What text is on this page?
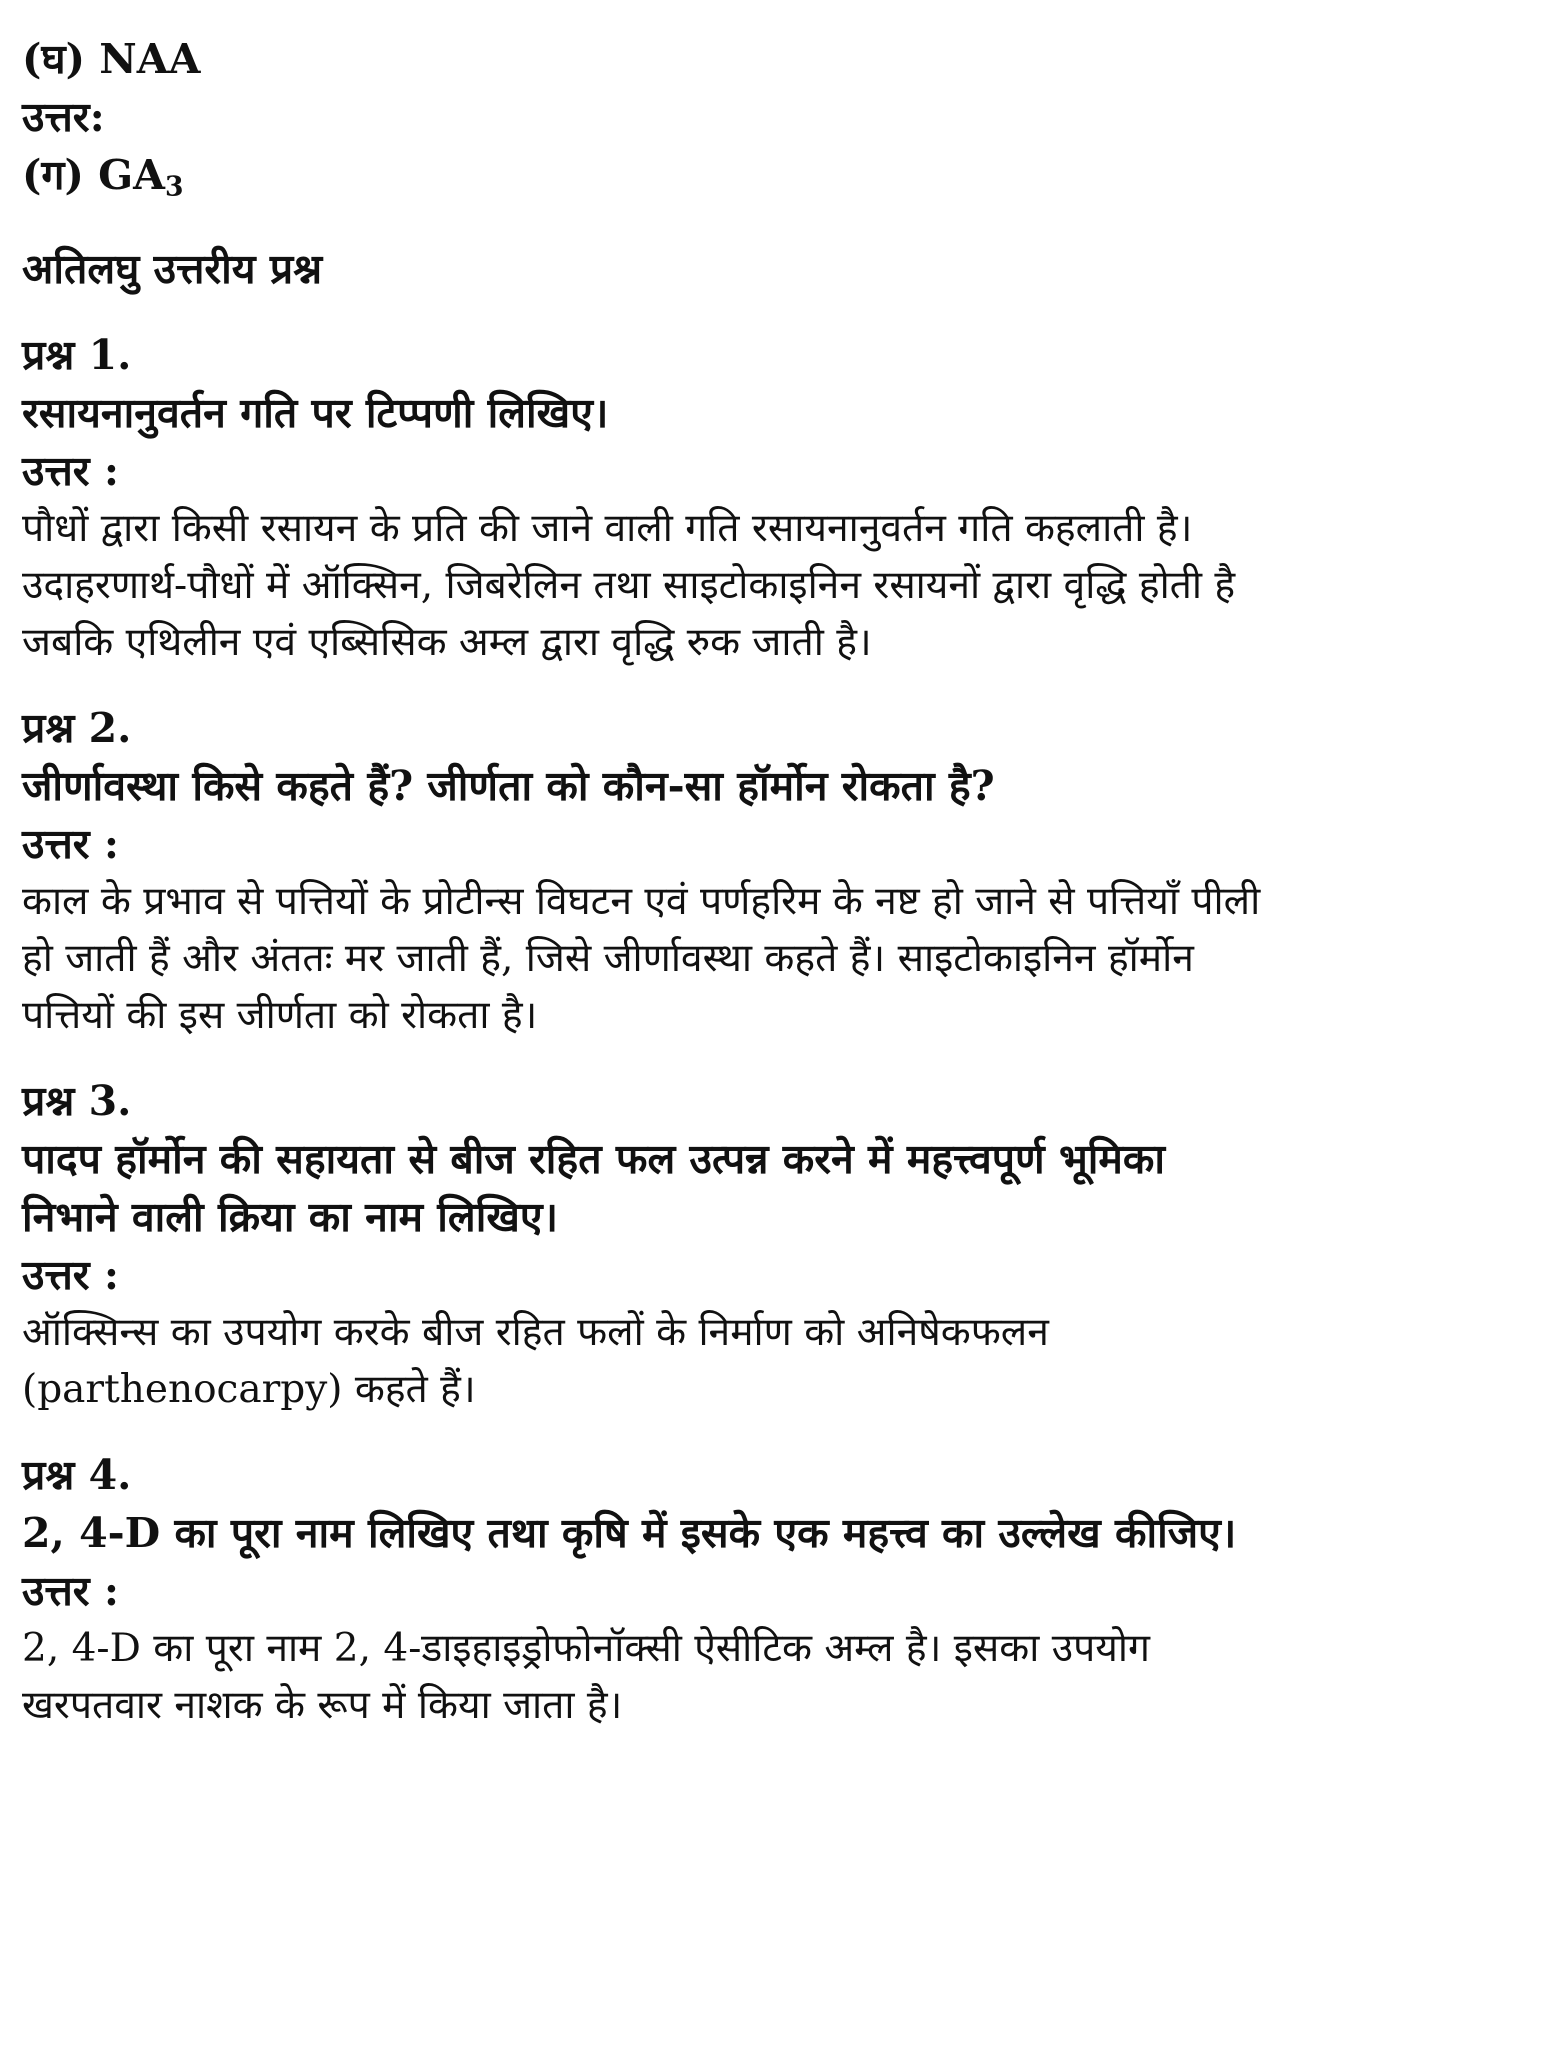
(घ) NAA

उत्तर:

(ग) $GA_3$

अतिलघु उत्तरीय प्रश्न

प्रश्न 1.

रसायनानुवर्तन गति पर टिप्पणी लिखिए।

उत्तर :

पौधों द्वारा किसी रसायन के प्रति की जाने वाली गति रसायनानुवर्तन गति कहलाती है।

उदाहरणार्थ-पौधों में ऑक्सिन, जिबरेलिन तथा साइटोकाइनिन रसायनों द्वारा वृद्धि होती है

जबकि एथिलीन एवं एब्सिसिक अम्ल द्वारा वृद्धि रुक जाती है।

प्रश्न 2.

जीर्णावस्था किसे कहते हैं? जीर्णता को कौन-सा हॉर्मोन रोकता है?

उत्तर :

काल के प्रभाव से पत्तियों के प्रोटीन्स विघटन एवं पर्णहरिम के नष्ट हो जाने से पत्तियाँ पीली

हो जाती हैं और अंततः मर जाती हैं, जिसे जीर्णावस्था कहते हैं। साइटोकाइनिन हॉर्मोन

पत्तियों की इस जीर्णता को रोकता है।

प्रश्न 3.

पादप हॉर्मोन की सहायता से बीज रहित फल उत्पन्न करने में महत्त्वपूर्ण भूमिका

निभाने वाली क्रिया का नाम लिखिए।

उत्तर :

ऑक्सिन्स का उपयोग करके बीज रहित फलों के निर्माण को अनिषेकफलन

(parthenocarpy) कहते हैं।

प्रश्न 4.

2, 4-D का पूरा नाम लिखिए तथा कृषि में इसके एक महत्त्व का उल्लेख कीजिए।

उत्तर :

2, 4-D का पूरा नाम 2, 4-डाइहाइड्रोफोनॉक्सी ऐसीटिक अम्ल है। इसका उपयोग

खरपतवार नाशक के रूप में किया जाता है।
